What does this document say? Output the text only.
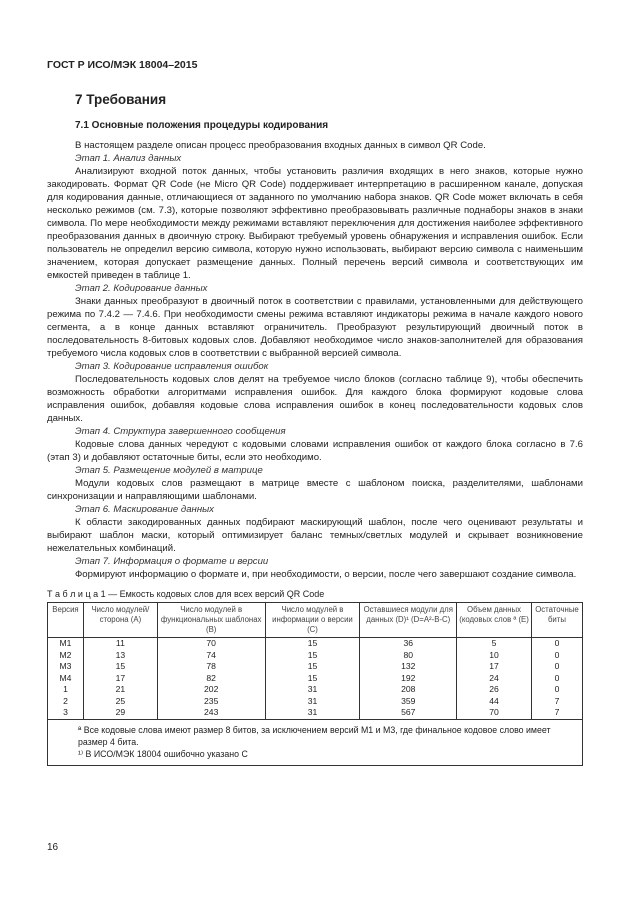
ГОСТ Р ИСО/МЭК 18004–2015
7 Требования

7.1 Основные положения процедуры кодирования

В настоящем разделе описан процесс преобразования входных данных в символ QR Code.

Этап 1. Анализ данных

Анализируют входной поток данных, чтобы установить различия входящих в него знаков, которые нужно закодировать. Формат QR Code (не Micro QR Code) поддерживает интерпретацию в расширенном канале, допуская для кодирования данные, отличающиеся от заданного по умолчанию набора знаков. QR Code может включать в себя несколько режимов (см. 7.3), которые позволяют эффективно преобразовывать различные поднаборы знаков в знаки символа. По мере необходимости между режимами вставляют переключения для достижения наиболее эффективного преобразования данных в двоичную строку. Выбирают требуемый уровень обнаружения и исправления ошибок. Если пользователь не определил версию символа, которую нужно использовать, выбирают версию символа с наименьшим значением, которая допускает размещение данных. Полный перечень версий символа и соответствующих им емкостей приведен в таблице 1.

Этап 2. Кодирование данных

Знаки данных преобразуют в двоичный поток в соответствии с правилами, установленными для действующего режима по 7.4.2 — 7.4.6. При необходимости смены режима вставляют индикаторы режима в начале каждого нового сегмента, а в конце данных вставляют ограничитель. Преобразуют результирующий двоичный поток в последовательность 8-битовых кодовых слов. Добавляют необходимое число знаков-заполнителей для образования требуемого числа кодовых слов в соответствии с выбранной версией символа.

Этап 3. Кодирование исправления ошибок

Последовательность кодовых слов делят на требуемое число блоков (согласно таблице 9), чтобы обеспечить возможность обработки алгоритмами исправления ошибок. Для каждого блока формируют кодовые слова исправления ошибок, добавляя кодовые слова исправления ошибок в конец последовательности кодовых слов данных.

Этап 4. Структура завершенного сообщения

Кодовые слова данных чередуют с кодовыми словами исправления ошибок от каждого блока согласно в 7.6 (этап 3) и добавляют остаточные биты, если это необходимо.

Этап 5. Размещение модулей в матрице

Модули кодовых слов размещают в матрице вместе с шаблоном поиска, разделителями, шаблонами синхронизации и направляющими шаблонами.

Этап 6. Маскирование данных

К области закодированных данных подбирают маскирующий шаблон, после чего оценивают результаты и выбирают шаблон маски, который оптимизирует баланс темных/светлых модулей и скрывает возникновение нежелательных комбинаций.

Этап 7. Информация о формате и версии

Формируют информацию о формате и, при необходимости, о версии, после чего завершают создание символа.

Т а б л и ц а 1 — Емкость кодовых слов для всех версий QR Code

Версия	Число модулей/ сторона (A)	Число модулей в функциональных шаблонах (B)	Число модулей в информации о версии (C)	Оставшиеся модули для данных (D)¹ (D=A²-B-C)	Объем данных (кодовых слов ª (E)	Остаточные биты
M1	11	70	15	36	5	0
M2	13	74	15	80	10	0
M3	15	78	15	132	17	0
M4	17	82	15	192	24	0
1	21	202	31	208	26	0
2	25	235	31	359	44	7
3	29	243	31	567	70	7

ª Все кодовые слова имеют размер 8 битов, за исключением версий M1 и M3, где финальное кодовое слово имеет размер 4 бита.
¹⁾ В ИСО/МЭК 18004 ошибочно указано C						
16
